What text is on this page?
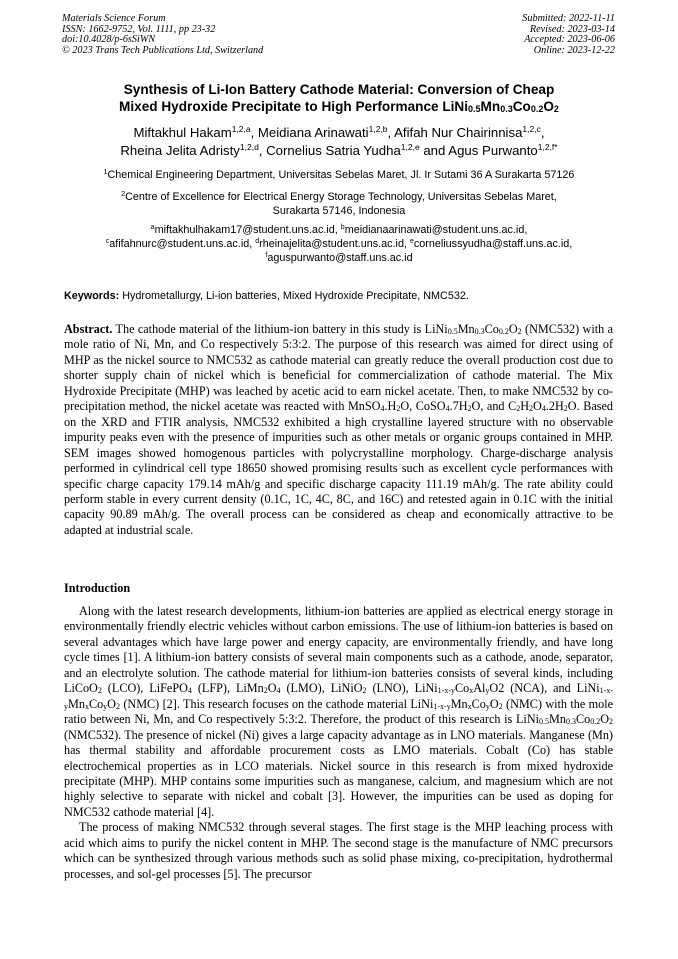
Materials Science Forum
ISSN: 1662-9752, Vol. 1111, pp 23-32
doi:10.4028/p-6sSiWN
© 2023 Trans Tech Publications Ltd, Switzerland
Submitted: 2022-11-11
Revised: 2023-03-14
Accepted: 2023-06-06
Online: 2023-12-22
Synthesis of Li-Ion Battery Cathode Material: Conversion of Cheap
Mixed Hydroxide Precipitate to High Performance $LiNi_{0.5}Mn_{0.3}Co_{0.2}O_2$
Miftakhul Hakam$^{1,2,a}$, Meidiana Arinawati$^{1,2,b}$, Afifah Nur Chairinnisa$^{1,2,c}$,
Rheina Jelita Adristy$^{1,2,d}$, Cornelius Satria Yudha$^{1,2,e}$ and Agus Purwanto$^{1,2,f*}$
$^1$Chemical Engineering Department, Universitas Sebelas Maret, Jl. Ir Sutami 36 A Surakarta 57126
$^2$Centre of Excellence for Electrical Energy Storage Technology, Universitas Sebelas Maret,
Surakarta 57146, Indonesia
$^a$miftakhulhakam17@student.uns.ac.id, $^b$meidianaarinawati@student.uns.ac.id,
$^c$afifahnurc@student.uns.ac.id, $^d$rheinajelita@student.uns.ac.id, $^e$corneliussyudha@staff.uns.ac.id,
$^f$aguspurwanto@staff.uns.ac.id
Keywords: Hydrometallurgy, Li-ion batteries, Mixed Hydroxide Precipitate, NMC532.
Abstract. The cathode material of the lithium-ion battery in this study is $LiNi_{0.5}Mn_{0.3}Co_{0.2}O_2$ (NMC532) with a mole ratio of Ni, Mn, and Co respectively 5:3:2. The purpose of this research was aimed for direct using of MHP as the nickel source to NMC532 as cathode material can greatly reduce the overall production cost due to shorter supply chain of nickel which is beneficial for commercialization of cathode material. The Mix Hydroxide Precipitate (MHP) was leached by acetic acid to earn nickel acetate. Then, to make NMC532 by co-precipitation method, the nickel acetate was reacted with $MnSO_4.H_2O$, $CoSO_4.7H_2O$, and $C_2H_2O_4.2H_2O$. Based on the XRD and FTIR analysis, NMC532 exhibited a high crystalline layered structure with no observable impurity peaks even with the presence of impurities such as other metals or organic groups contained in MHP. SEM images showed homogenous particles with polycrystalline morphology. Charge-discharge analysis performed in cylindrical cell type 18650 showed promising results such as excellent cycle performances with specific charge capacity 179.14 mAh/g and specific discharge capacity 111.19 mAh/g. The rate ability could perform stable in every current density (0.1C, 1C, 4C, 8C, and 16C) and retested again in 0.1C with the initial capacity 90.89 mAh/g. The overall process can be considered as cheap and economically attractive to be adapted at industrial scale.
Introduction

Along with the latest research developments, lithium-ion batteries are applied as electrical energy storage in environmentally friendly electric vehicles without carbon emissions. The use of lithium-ion batteries is based on several advantages which have large power and energy capacity, are environmentally friendly, and have long cycle times [1]. A lithium-ion battery consists of several main components such as a cathode, anode, separator, and an electrolyte solution. The cathode material for lithium-ion batteries consists of several kinds, including LiCoO$_2$ (LCO), LiFePO$_4$ (LFP), $LiMn_2O_4$ (LMO), LiNiO$_2$ (LNO), $LiNi_{1-x-y}Co_xAl_yO2$ (NCA), and $LiNi_{1-x-y}Mn_xCo_yO_2$ (NMC) [2]. This research focuses on the cathode material $LiNi_{1-x-y}Mn_xCo_yO_2$ (NMC) with the mole ratio between Ni, Mn, and Co respectively 5:3:2. Therefore, the product of this research is $LiNi_{0.5}Mn_{0.3}Co_{0.2}O_2$ (NMC532). The presence of nickel (Ni) gives a large capacity advantage as in LNO materials. Manganese (Mn) has thermal stability and affordable procurement costs as LMO materials. Cobalt (Co) has stable electrochemical properties as in LCO materials. Nickel source in this research is from mixed hydroxide precipitate (MHP). MHP contains some impurities such as manganese, calcium, and magnesium which are not highly selective to separate with nickel and cobalt [3]. However, the impurities can be used as doping for NMC532 cathode material [4].

The process of making NMC532 through several stages. The first stage is the MHP leaching process with acid which aims to purify the nickel content in MHP. The second stage is the manufacture of NMC precursors which can be synthesized through various methods such as solid phase mixing, co-precipitation, hydrothermal processes, and sol-gel processes [5]. The precursor
